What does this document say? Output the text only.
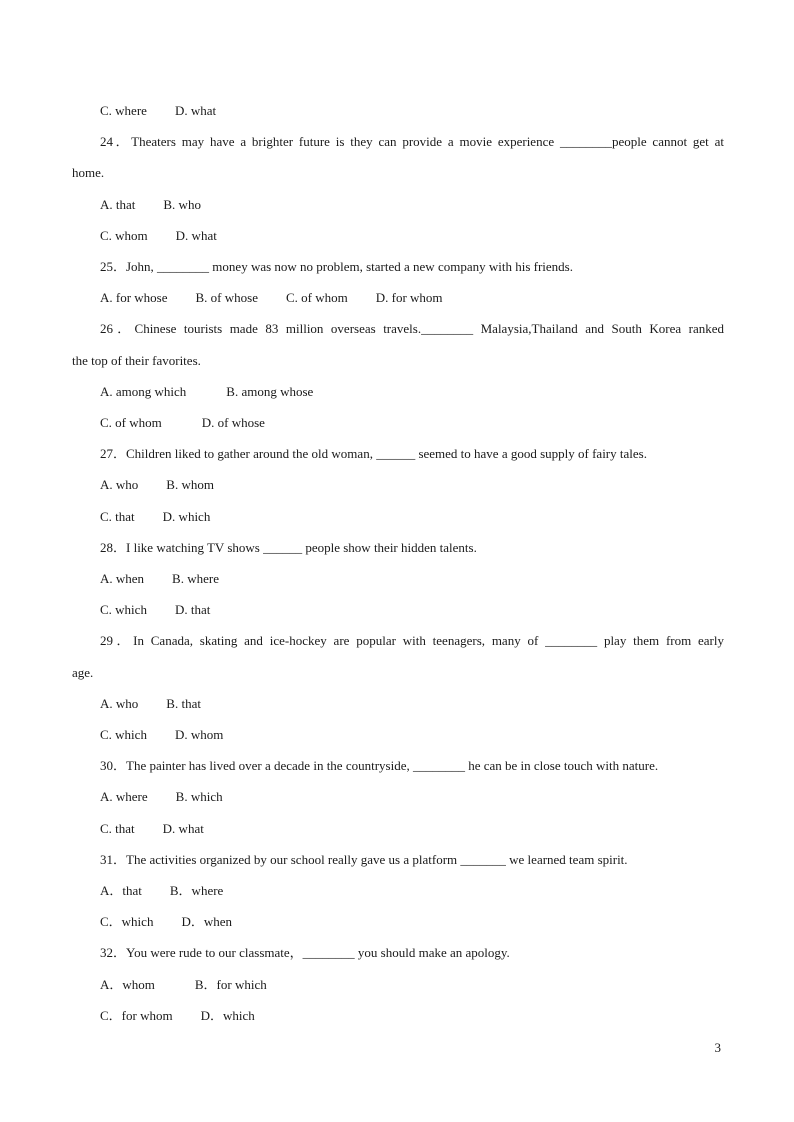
C. where D. what
24．Theaters may have a brighter future is they can provide a movie experience ________people cannot get at
home.
A. that B. who
C. whom D. what
25．John, ________ money was now no problem, started a new company with his friends.
A. for whose B. of whose C. of whom D. for whom
26．Chinese tourists made 83 million overseas travels.________ Malaysia,Thailand and South Korea ranked
the top of their favorites.
A. among which	B. among whose
C. of whom	D. of whose
27．Children liked to gather around the old woman, ______ seemed to have a good supply of fairy tales.
A. who B. whom
C. that D. which
28．I like watching TV shows ______ people show their hidden talents.
A. when B. where
C. which D. that
29．In Canada, skating and ice-hockey are popular with teenagers, many of ________ play them from early
age.
A. who B. that
C. which D. whom
30．The painter has lived over a decade in the countryside, ________ he can be in close touch with nature.
A. where B. which
C. that D. what
31．The activities organized by our school really gave us a platform _______ we learned team spirit.
A．that B．where
C．which D．when
32．You were rude to our classmate，________ you should make an apology.
A．whom	B．for which
C．for whom D．which
3
